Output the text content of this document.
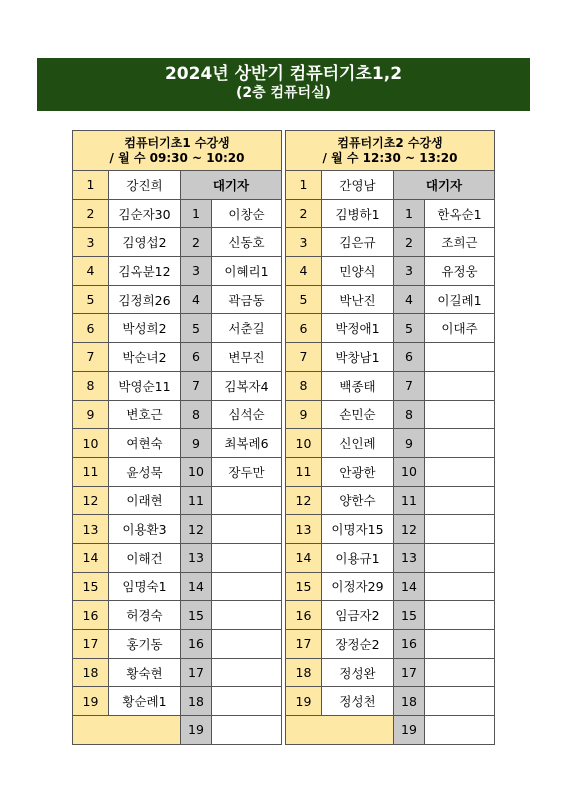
2024년 상반기 컴퓨터기초1,2
(2층 컴퓨터실)
컴퓨터기초1 수강생
/ 월 수 09:30 ~ 10:20			

1	강진희	대기자	
2	김순자30	1	이창순
3	김영섭2	2	신동호
4	김옥분12	3	이혜리1
5	김정희26	4	곽금동
6	박성희2	5	서춘길
7	박순녀2	6	변무진
8	박영순11	7	김복자4
9	변호근	8	심석순
10	여현숙	9	최복례6
11	윤성묵	10	장두만
12	이래현	11	
13	이용환3	12	
14	이해건	13	
15	임명숙1	14	
16	허경숙	15	
17	홍기동	16	
18	황숙현	17	
19	황순례1	18	
		19	
컴퓨터기초2 수강생
/ 월 수 12:30 ~ 13:20			

1	간영남	대기자	
2	김병하1	1	한옥순1
3	김은규	2	조희근
4	민양식	3	유정웅
5	박난진	4	이길례1
6	박정애1	5	이대주
7	박창남1	6	
8	백종태	7	
9	손민순	8	
10	신인례	9	
11	안광한	10	
12	양한수	11	
13	이명자15	12	
14	이용규1	13	
15	이정자29	14	
16	임금자2	15	
17	장정순2	16	
18	정성완	17	
19	정성천	18	
		19	
